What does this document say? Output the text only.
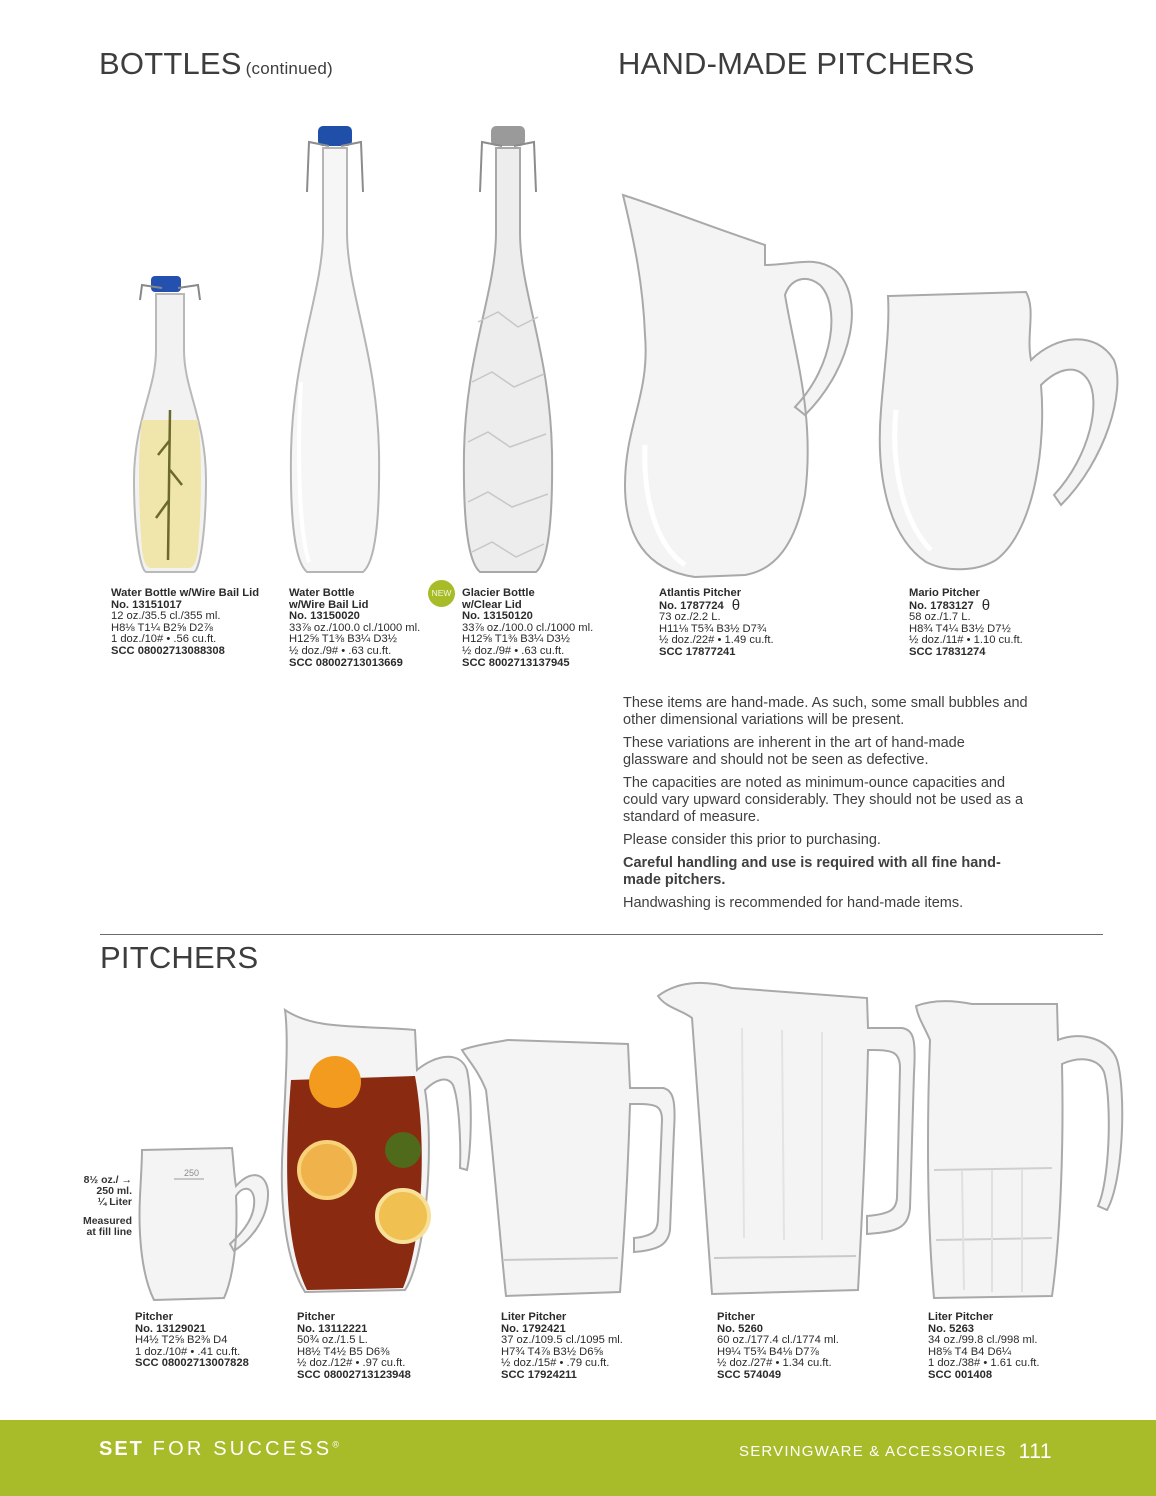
BOTTLES (continued)	HAND-MADE PITCHERS
PITCHERS
Water Bottle w/Wire Bail Lid
No. 13151017
12 oz./35.5 cl./355 ml.
H8⅛ T1¼ B2⅝ D2⅞
1 doz./10# • .56 cu.ft.
SCC 08002713088308
Water Bottle
w/Wire Bail Lid
No. 13150020
33⅞ oz./100.0 cl./1000 ml.
H12⅝ T1⅜ B3¼ D3½
½ doz./9# • .63 cu.ft.
SCC 08002713013669
NEW Glacier Bottle
w/Clear Lid
No. 13150120
33⅞ oz./100.0 cl./1000 ml.
H12⅝ T1⅜ B3¼ D3½
½ doz./9# • .63 cu.ft.
SCC 8002713137945
Atlantis Pitcher
No. 1787724 θ
73 oz./2.2 L.
H11⅛ T5¾ B3½ D7¾
½ doz./22# • 1.49 cu.ft.
SCC 17877241
Mario Pitcher
No. 1783127 θ
58 oz./1.7 L.
H8¾ T4¼ B3½ D7½
½ doz./11# • 1.10 cu.ft.
SCC 17831274

These items are hand-made. As such, some small bubbles and other dimensional variations will be present.

These variations are inherent in the art of hand-made glassware and should not be seen as defective.

The capacities are noted as minimum-ounce capacities and could vary upward considerably. They should not be used as a standard of measure.

Please consider this prior to purchasing.

Careful handling and use is required with all fine hand-made pitchers.

Handwashing is recommended for hand-made items.

250
8½ oz./ →
250 ml.
¼ Liter
Measured
at fill line
Pitcher
No. 13129021
H4½ T2⅝ B2⅜ D4
1 doz./10# • .41 cu.ft.
SCC 08002713007828
Pitcher
No. 13112221
50¾ oz./1.5 L.
H8½ T4½ B5 D6⅜
½ doz./12# • .97 cu.ft.
SCC 08002713123948
Liter Pitcher
No. 1792421
37 oz./109.5 cl./1095 ml.
H7¾ T4⅞ B3½ D6⅝
½ doz./15# • .79 cu.ft.
SCC 17924211
Pitcher
No. 5260
60 oz./177.4 cl./1774 ml.
H9¼ T5¾ B4⅛ D7⅞
½ doz./27# • 1.34 cu.ft.
SCC 574049
Liter Pitcher
No. 5263
34 oz./99.8 cl./998 ml.
H8⅝ T4 B4 D6¼
1 doz./38# • 1.61 cu.ft.
SCC 001408
SET FOR SUCCESS®	SERVINGWARE & ACCESSORIES 111
